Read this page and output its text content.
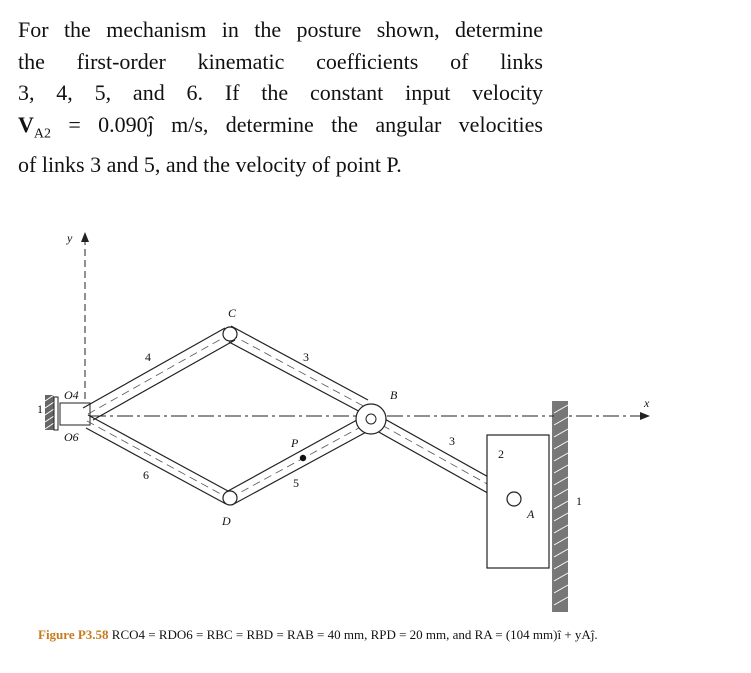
For the mechanism in the posture shown, determine

the first-order kinematic coefficients of links

3, 4, 5, and 6. If the constant input velocity

$V_{A2}$ = 0.090ĵ m/s, determine the angular velocities

of links 3 and 5, and the velocity of point P.

y
x
1
O4
O6
4
6
3
5
P	3
B
C
D
2
A
1
Figure P3.58 RCO4 = RDO6 = RBC = RBD = RAB = 40 mm, RPD = 20 mm, and RA = (104 mm)î + yAĵ.
